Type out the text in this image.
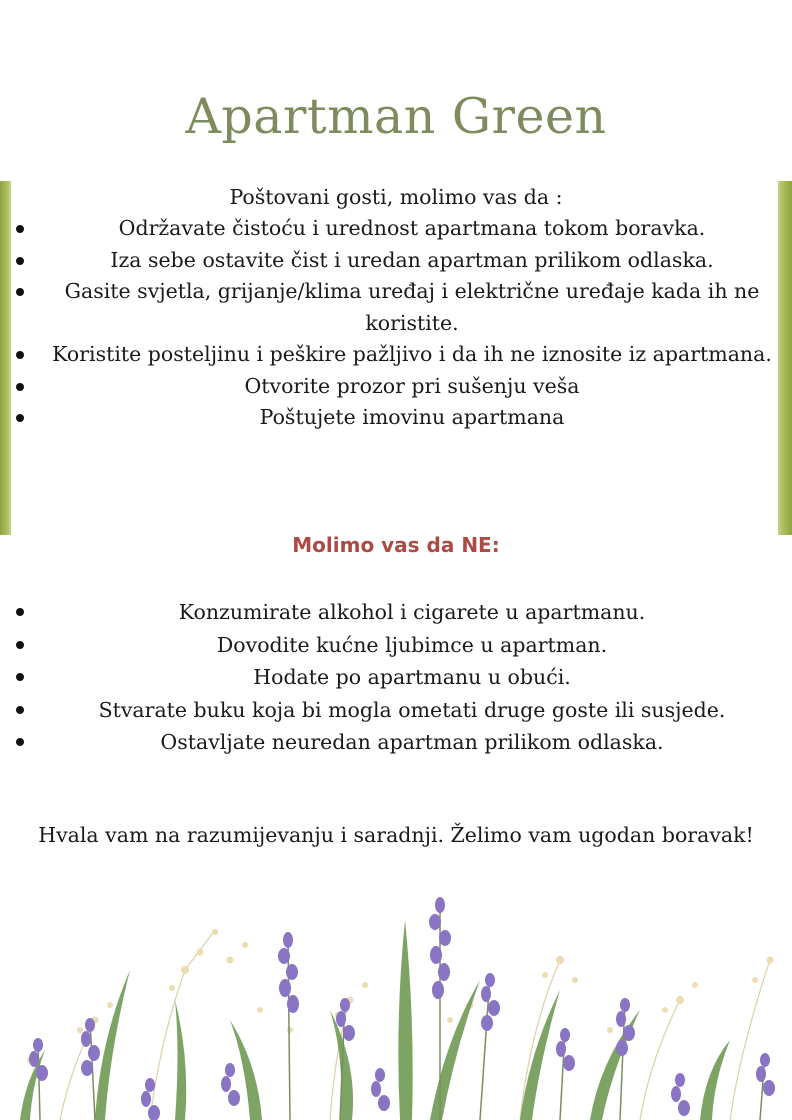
Apartman Green

Poštovani gosti, molimo vas da :

Održavate čistoću i urednost apartmana tokom boravka.
Iza sebe ostavite čist i uredan apartman prilikom odlaska.
Gasite svjetla, grijanje/klima uređaj i električne uređaje kada ih ne koristite.
Koristite posteljinu i peškire pažljivo i da ih ne iznosite iz apartmana.
Otvorite prozor pri sušenju veša
Poštujete imovinu apartmana
Molimo vas da NE:
Konzumirate alkohol i cigarete u apartmanu.
Dovodite kućne ljubimce u apartman.
Hodate po apartmanu u obući.
Stvarate buku koja bi mogla ometati druge goste ili susjede.
Ostavljate neuredan apartman prilikom odlaska.

Hvala vam na razumijevanju i saradnji. Želimo vam ugodan boravak!
